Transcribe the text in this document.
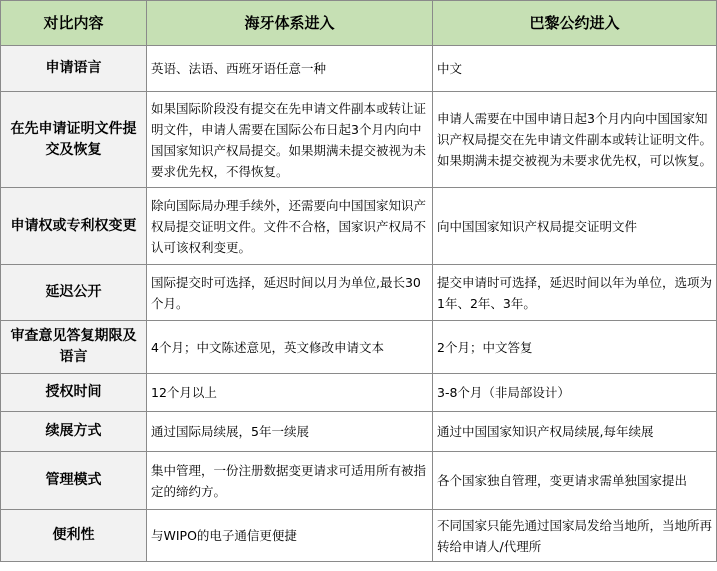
对比内容	海牙体系进入	巴黎公约进入
申请语言	英语、法语、西班牙语任意一种	中文
在先申请证明文件提交及恢复	如果国际阶段没有提交在先申请文件副本或转让证明文件，申请人需要在国际公布日起3个月内向中国国家知识产权局提交。如果期满未提交被视为未要求优先权，不得恢复。	申请人需要在中国申请日起3个月内向中国国家知识产权局提交在先申请文件副本或转让证明文件。如果期满未提交被视为未要求优先权，可以恢复。
申请权或专利权变更	除向国际局办理手续外，还需要向中国国家知识产权局提交证明文件。文件不合格，国家识产权局不认可该权利变更。	向中国国家知识产权局提交证明文件
延迟公开	国际提交时可选择，延迟时间以月为单位,最长30个月。	提交申请时可选择，延迟时间以年为单位，选项为1年、2年、3年。
审查意见答复期限及语言	4个月；中文陈述意见，英文修改申请文本	2个月；中文答复
授权时间	12个月以上	3-8个月（非局部设计）
续展方式	通过国际局续展，5年一续展	通过中国国家知识产权局续展,每年续展
管理模式	集中管理，一份注册数据变更请求可适用所有被指定的缔约方。	各个国家独自管理，变更请求需单独国家提出
便利性	与WIPO的电子通信更便捷	不同国家只能先通过国家局发给当地所，当地所再转给申请人/代理所
